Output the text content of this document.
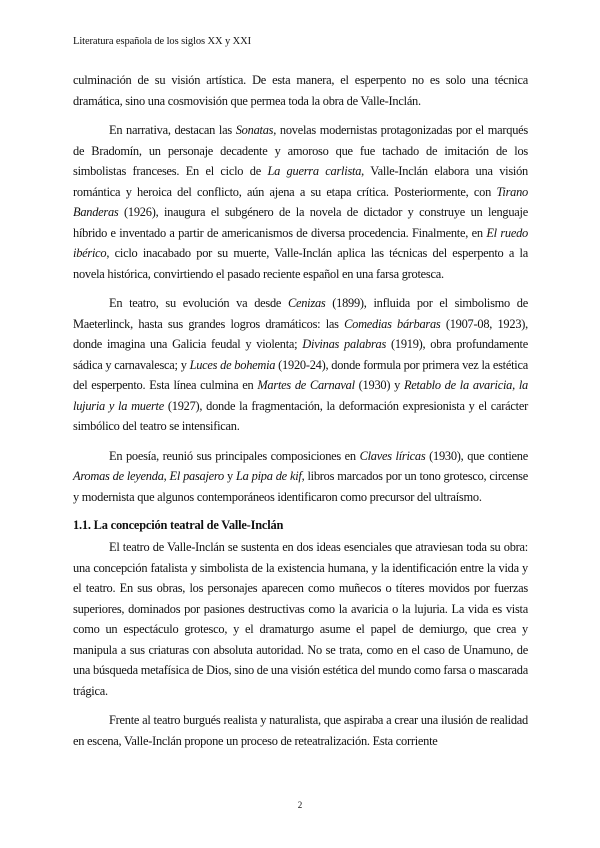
Literatura española de los siglos XX y XXI

culminación de su visión artística. De esta manera, el esperpento no es solo una técnica dramática, sino una cosmovisión que permea toda la obra de Valle-Inclán.

En narrativa, destacan las Sonatas, novelas modernistas protagonizadas por el marqués de Bradomín, un personaje decadente y amoroso que fue tachado de imitación de los simbolistas franceses. En el ciclo de La guerra carlista, Valle-Inclán elabora una visión romántica y heroica del conflicto, aún ajena a su etapa crítica. Posteriormente, con Tirano Banderas (1926), inaugura el subgénero de la novela de dictador y construye un lenguaje híbrido e inventado a partir de americanismos de diversa procedencia. Finalmente, en El ruedo ibérico, ciclo inacabado por su muerte, Valle-Inclán aplica las técnicas del esperpento a la novela histórica, convirtiendo el pasado reciente español en una farsa grotesca.

En teatro, su evolución va desde Cenizas (1899), influida por el simbolismo de Maeterlinck, hasta sus grandes logros dramáticos: las Comedias bárbaras (1907-08, 1923), donde imagina una Galicia feudal y violenta; Divinas palabras (1919), obra profundamente sádica y carnavalesca; y Luces de bohemia (1920-24), donde formula por primera vez la estética del esperpento. Esta línea culmina en Martes de Carnaval (1930) y Retablo de la avaricia, la lujuria y la muerte (1927), donde la fragmentación, la deformación expresionista y el carácter simbólico del teatro se intensifican.

En poesía, reunió sus principales composiciones en Claves líricas (1930), que contiene Aromas de leyenda, El pasajero y La pipa de kif, libros marcados por un tono grotesco, circense y modernista que algunos contemporáneos identificaron como precursor del ultraísmo.

1.1. La concepción teatral de Valle-Inclán

El teatro de Valle-Inclán se sustenta en dos ideas esenciales que atraviesan toda su obra: una concepción fatalista y simbolista de la existencia humana, y la identificación entre la vida y el teatro. En sus obras, los personajes aparecen como muñecos o títeres movidos por fuerzas superiores, dominados por pasiones destructivas como la avaricia o la lujuria. La vida es vista como un espectáculo grotesco, y el dramaturgo asume el papel de demiurgo, que crea y manipula a sus criaturas con absoluta autoridad. No se trata, como en el caso de Unamuno, de una búsqueda metafísica de Dios, sino de una visión estética del mundo como farsa o mascarada trágica.

Frente al teatro burgués realista y naturalista, que aspiraba a crear una ilusión de realidad en escena, Valle-Inclán propone un proceso de reteatralización. Esta corriente

2
